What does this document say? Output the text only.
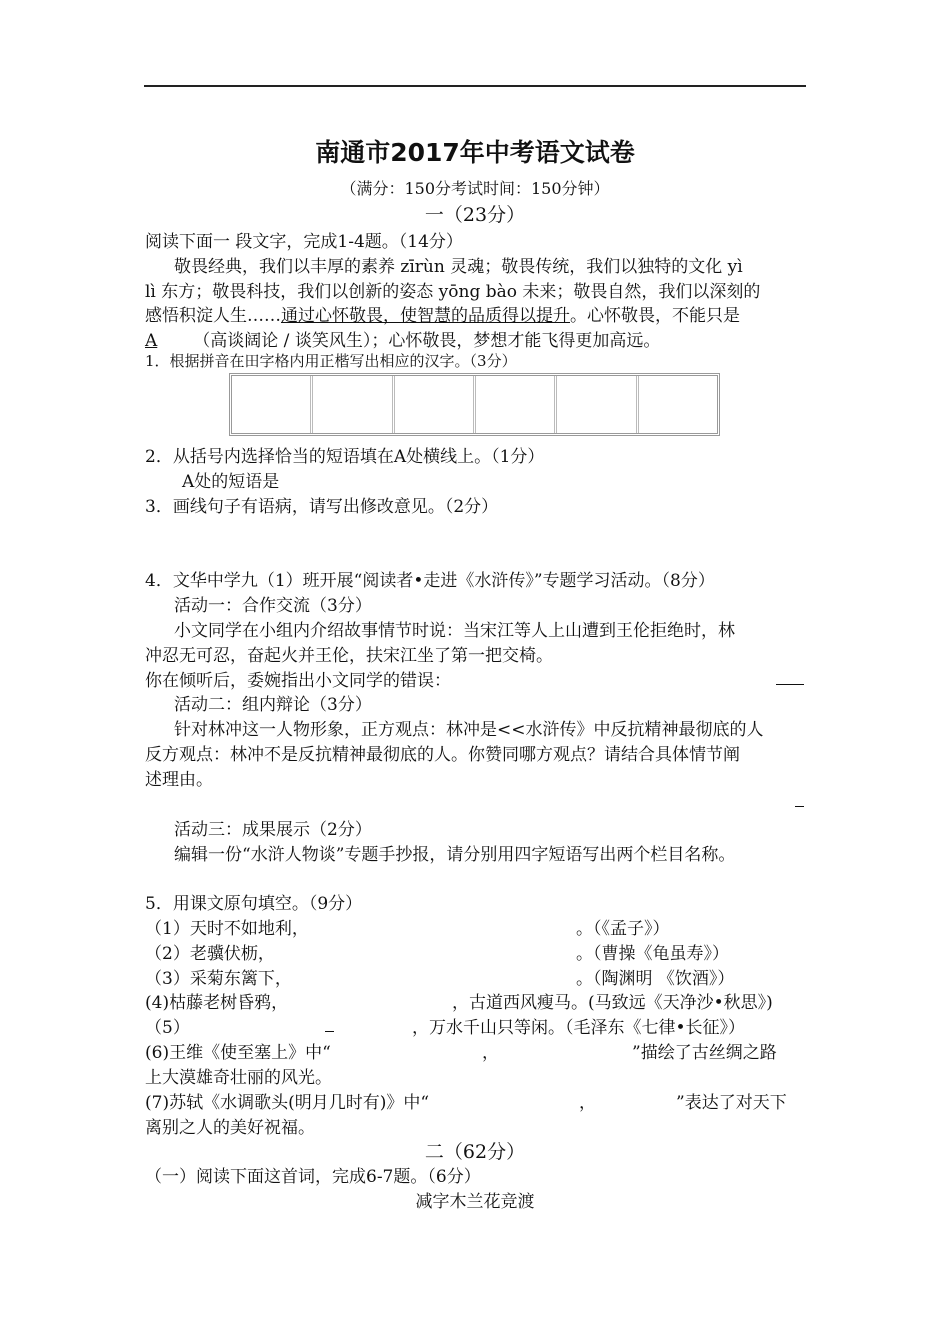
南通市2017年中考语文试卷
（满分：150分考试时间：150分钟）
一（23分）
阅读下面一 段文字，完成1-4题。（14分）
敬畏经典，我们以丰厚的素养 zīrùn 灵魂；敬畏传统，我们以独特的文化 yì
lì 东方；敬畏科技，我们以创新的姿态 yōng bào 未来；敬畏自然，我们以深刻的
感悟积淀人生……通过心怀敬畏，使智慧的品质得以提升。心怀敬畏，不能只是
A （高谈阔论 / 谈笑风生）；心怀敬畏，梦想才能飞得更加高远。
1．根据拼音在田字格内用正楷写出相应的汉字。（3分）
2．从括号内选择恰当的短语填在A处横线上。（1分）
A处的短语是
3．画线句子有语病，请写出修改意见。（2分）
4．文华中学九（1）班开展“阅读者•走进《水浒传》”专题学习活动。（8分）
活动一：合作交流（3分）
小文同学在小组内介绍故事情节时说：当宋江等人上山遭到王伦拒绝时，林
冲忍无可忍，奋起火并王伦，扶宋江坐了第一把交椅。
你在倾听后，委婉指出小文同学的错误：
活动二：组内辩论（3分）
针对林冲这一人物形象，正方观点：林冲是<<水浒传》中反抗精神最彻底的人
反方观点：林冲不是反抗精神最彻底的人。你赞同哪方观点？请结合具体情节阐
述理由。
活动三：成果展示（2分）
编辑一份“水浒人物谈”专题手抄报，请分别用四字短语写出两个栏目名称。
5．用课文原句填空。（9分）
（1）天时不如地利，	。（《孟子》）
（2）老骥伏枥，	。（曹操《龟虽寿》）
（3）采菊东篱下，	。（陶渊明 《饮酒》）
(4)枯藤老树昏鸦，	，古道西风瘦马。(马致远《天净沙•秋思》)
（5）	，万水千山只等闲。（毛泽东《七律•长征》）
(6)王维《使至塞上》中“	，	”描绘了古丝绸之路
上大漠雄奇壮丽的风光。
(7)苏轼《水调歌头(明月几时有)》中“	，	”表达了对天下
离别之人的美好祝福。
二（62分）
（一）阅读下面这首词，完成6-7题。（6分）
减字木兰花竞渡
